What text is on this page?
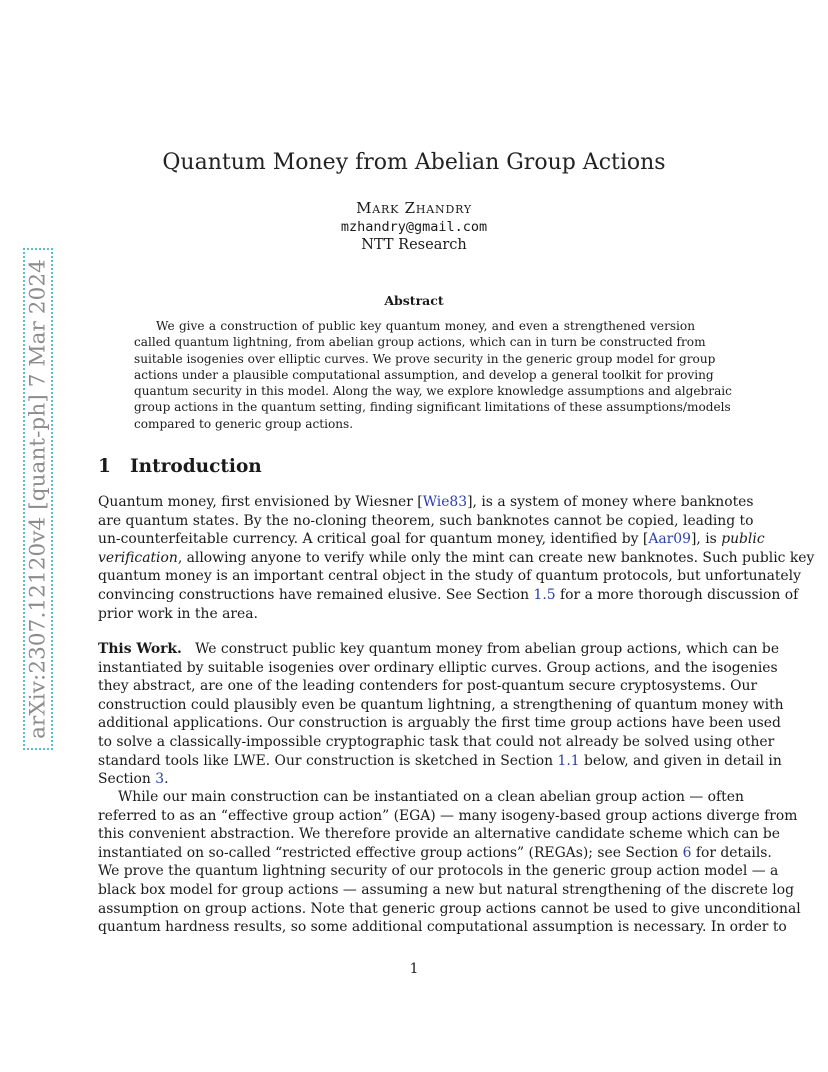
arXiv:2307.12120v4 [quant-ph] 7 Mar 2024
Quantum Money from Abelian Group Actions
Mark Zhandry
mzhandry@gmail.com
NTT Research
Abstract
We give a construction of public key quantum money, and even a strengthened version
called quantum lightning, from abelian group actions, which can in turn be constructed from
suitable isogenies over elliptic curves. We prove security in the generic group model for group
actions under a plausible computational assumption, and develop a general toolkit for proving
quantum security in this model. Along the way, we explore knowledge assumptions and algebraic
group actions in the quantum setting, finding significant limitations of these assumptions/models
compared to generic group actions.
1 Introduction
Quantum money, first envisioned by Wiesner [Wie83], is a system of money where banknotes
are quantum states. By the no-cloning theorem, such banknotes cannot be copied, leading to
un-counterfeitable currency. A critical goal for quantum money, identified by [Aar09], is public
verification, allowing anyone to verify while only the mint can create new banknotes. Such public key
quantum money is an important central object in the study of quantum protocols, but unfortunately
convincing constructions have remained elusive. See Section 1.5 for a more thorough discussion of
prior work in the area.
This Work. We construct public key quantum money from abelian group actions, which can be
instantiated by suitable isogenies over ordinary elliptic curves. Group actions, and the isogenies
they abstract, are one of the leading contenders for post-quantum secure cryptosystems. Our
construction could plausibly even be quantum lightning, a strengthening of quantum money with
additional applications. Our construction is arguably the first time group actions have been used
to solve a classically-impossible cryptographic task that could not already be solved using other
standard tools like LWE. Our construction is sketched in Section 1.1 below, and given in detail in
Section 3.
While our main construction can be instantiated on a clean abelian group action — often
referred to as an “effective group action” (EGA) — many isogeny-based group actions diverge from
this convenient abstraction. We therefore provide an alternative candidate scheme which can be
instantiated on so-called “restricted effective group actions” (REGAs); see Section 6 for details.
We prove the quantum lightning security of our protocols in the generic group action model — a
black box model for group actions — assuming a new but natural strengthening of the discrete log
assumption on group actions. Note that generic group actions cannot be used to give unconditional
quantum hardness results, so some additional computational assumption is necessary. In order to
1
